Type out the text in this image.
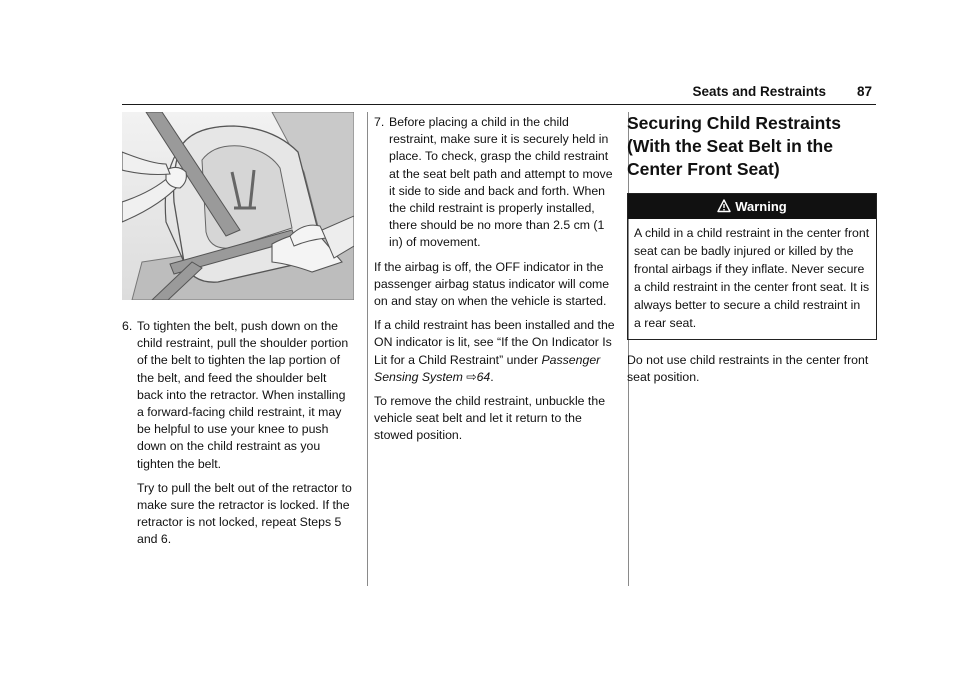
Seats and Restraints 87
6. To tighten the belt, push down on the child restraint, pull the shoulder portion of the belt to tighten the lap portion of the belt, and feed the shoulder belt back into the retractor. When installing a forward-facing child restraint, it may be helpful to use your knee to push down on the child restraint as you tighten the belt.
Try to pull the belt out of the retractor to make sure the retractor is locked. If the retractor is not locked, repeat Steps 5 and 6.
7. Before placing a child in the child restraint, make sure it is securely held in place. To check, grasp the child restraint at the seat belt path and attempt to move it side to side and back and forth. When the child restraint is properly installed, there should be no more than 2.5 cm (1 in) of movement.

If the airbag is off, the OFF indicator in the passenger airbag status indicator will come on and stay on when the vehicle is started.

If a child restraint has been installed and the ON indicator is lit, see “If the On Indicator Is Lit for a Child Restraint” under Passenger Sensing System ⇨64.

To remove the child restraint, unbuckle the vehicle seat belt and let it return to the stowed position.

Securing Child Restraints (With the Seat Belt in the Center Front Seat)
Warning
A child in a child restraint in the center front seat can be badly injured or killed by the frontal airbags if they inflate. Never secure a child restraint in the center front seat. It is always better to secure a child restraint in a rear seat.

Do not use child restraints in the center front seat position.
